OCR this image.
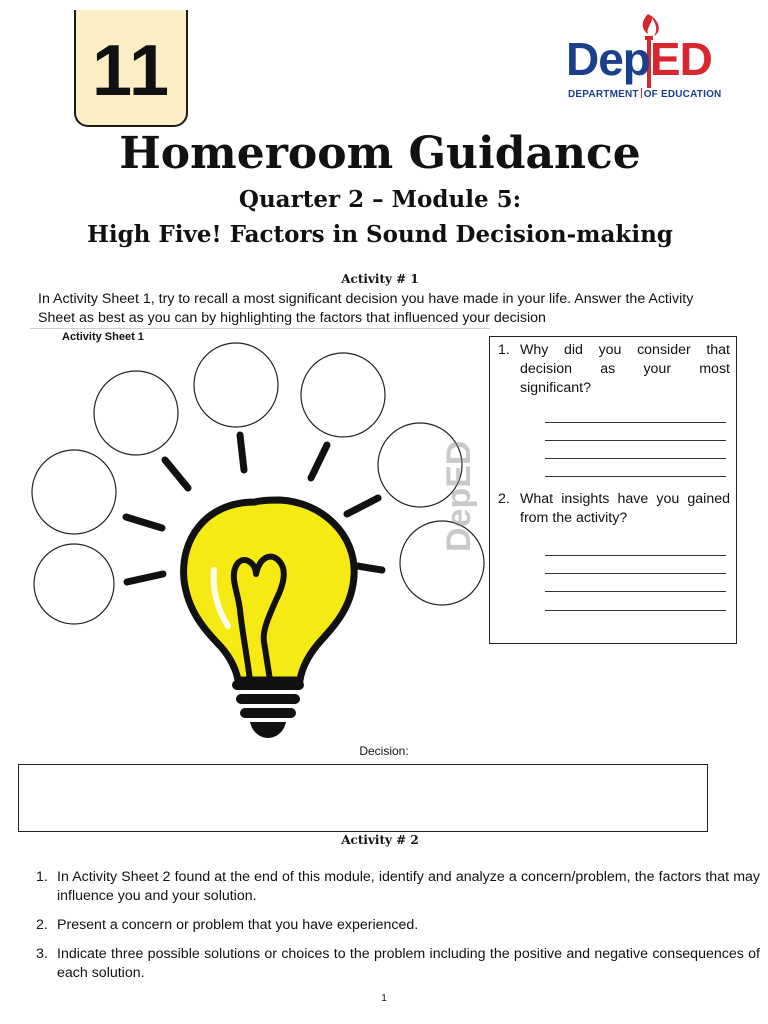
11	DepED
DEPARTMENT OF EDUCATION
Homeroom Guidance
Quarter 2 – Module 5:
High Five! Factors in Sound Decision-making
Activity # 1
In Activity Sheet 1, try to recall a most significant decision you have made in your life. Answer the Activity Sheet as best as you can by highlighting the factors that influenced your decision
Activity Sheet 1
DepED
1. Why did you consider that decision as your most significant?
2. What insights have you gained from the activity?
Decision:
Activity # 2
1. In Activity Sheet 2 found at the end of this module, identify and analyze a concern/problem, the factors that may influence you and your solution.
2. Present a concern or problem that you have experienced.
3. Indicate three possible solutions or choices to the problem including the positive and negative consequences of each solution.
1
